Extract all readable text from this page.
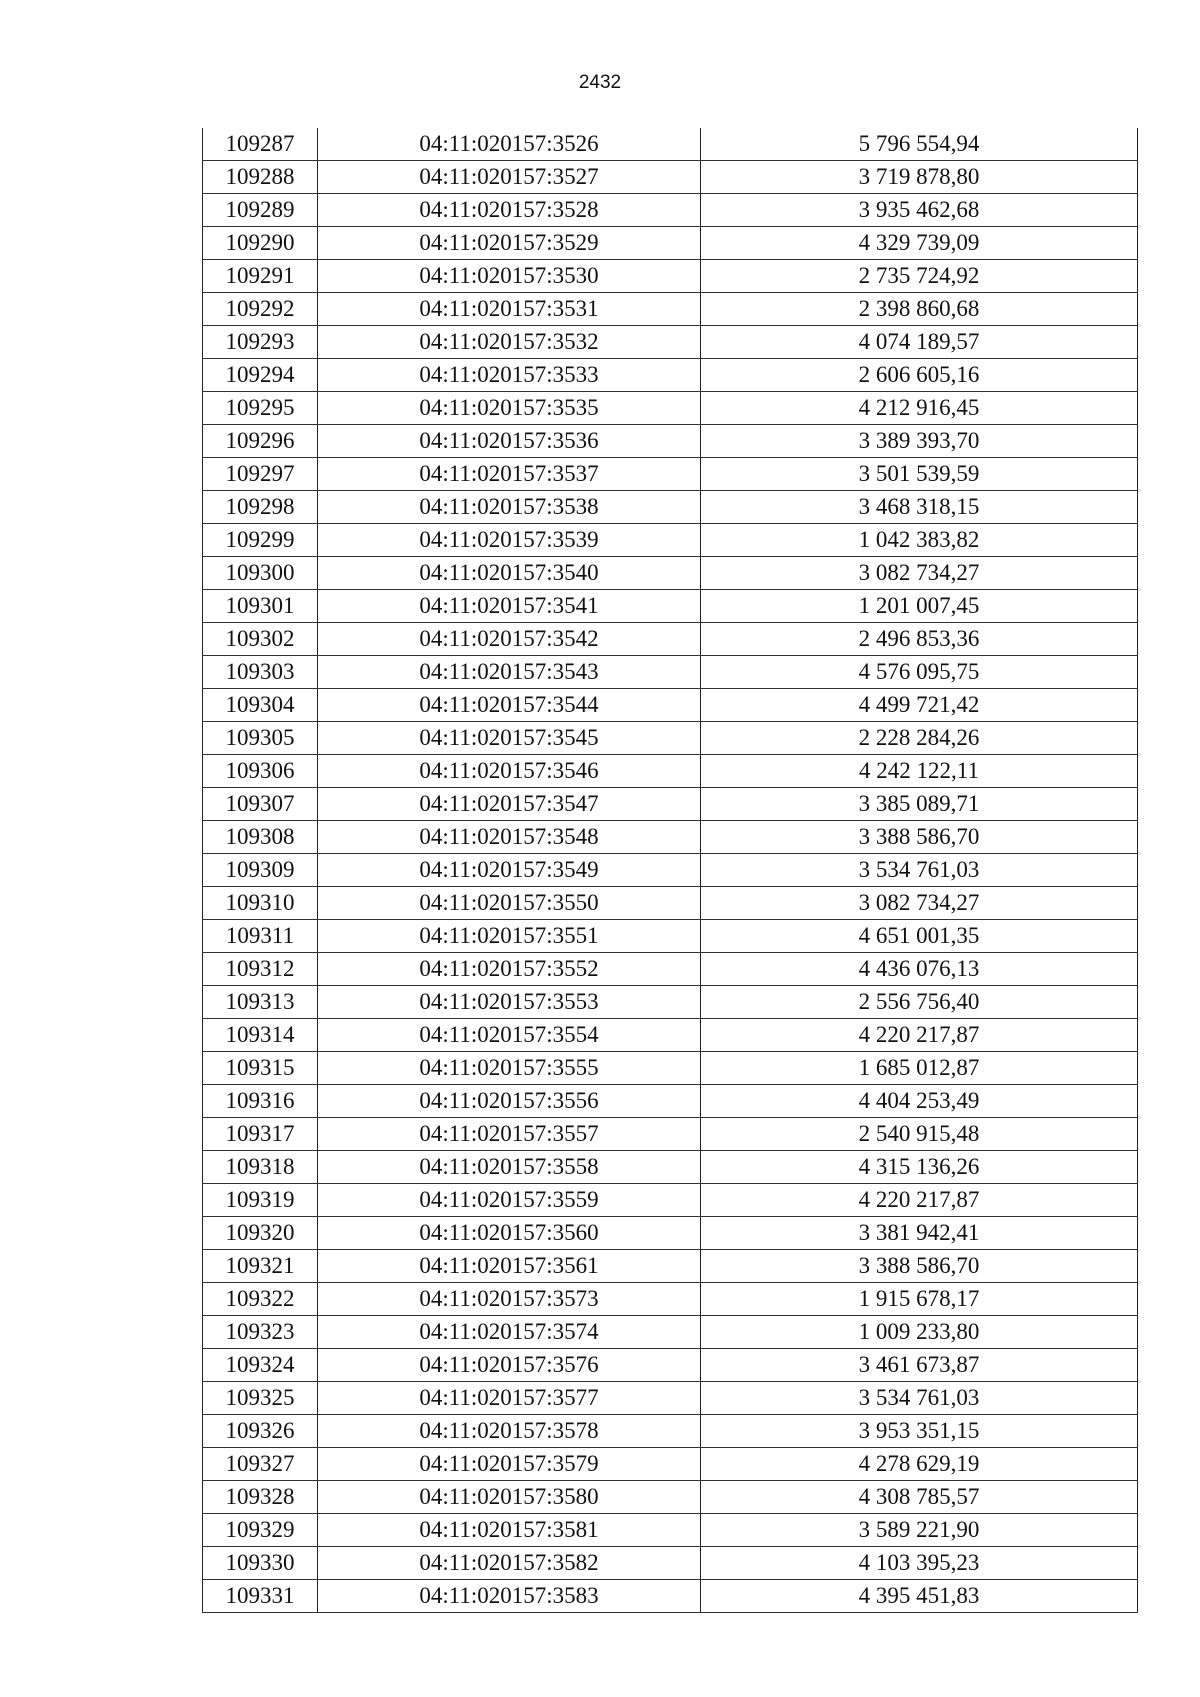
2432
109287	04:11:020157:3526	5 796 554,94
109288	04:11:020157:3527	3 719 878,80
109289	04:11:020157:3528	3 935 462,68
109290	04:11:020157:3529	4 329 739,09
109291	04:11:020157:3530	2 735 724,92
109292	04:11:020157:3531	2 398 860,68
109293	04:11:020157:3532	4 074 189,57
109294	04:11:020157:3533	2 606 605,16
109295	04:11:020157:3535	4 212 916,45
109296	04:11:020157:3536	3 389 393,70
109297	04:11:020157:3537	3 501 539,59
109298	04:11:020157:3538	3 468 318,15
109299	04:11:020157:3539	1 042 383,82
109300	04:11:020157:3540	3 082 734,27
109301	04:11:020157:3541	1 201 007,45
109302	04:11:020157:3542	2 496 853,36
109303	04:11:020157:3543	4 576 095,75
109304	04:11:020157:3544	4 499 721,42
109305	04:11:020157:3545	2 228 284,26
109306	04:11:020157:3546	4 242 122,11
109307	04:11:020157:3547	3 385 089,71
109308	04:11:020157:3548	3 388 586,70
109309	04:11:020157:3549	3 534 761,03
109310	04:11:020157:3550	3 082 734,27
109311	04:11:020157:3551	4 651 001,35
109312	04:11:020157:3552	4 436 076,13
109313	04:11:020157:3553	2 556 756,40
109314	04:11:020157:3554	4 220 217,87
109315	04:11:020157:3555	1 685 012,87
109316	04:11:020157:3556	4 404 253,49
109317	04:11:020157:3557	2 540 915,48
109318	04:11:020157:3558	4 315 136,26
109319	04:11:020157:3559	4 220 217,87
109320	04:11:020157:3560	3 381 942,41
109321	04:11:020157:3561	3 388 586,70
109322	04:11:020157:3573	1 915 678,17
109323	04:11:020157:3574	1 009 233,80
109324	04:11:020157:3576	3 461 673,87
109325	04:11:020157:3577	3 534 761,03
109326	04:11:020157:3578	3 953 351,15
109327	04:11:020157:3579	4 278 629,19
109328	04:11:020157:3580	4 308 785,57
109329	04:11:020157:3581	3 589 221,90
109330	04:11:020157:3582	4 103 395,23
109331	04:11:020157:3583	4 395 451,83
